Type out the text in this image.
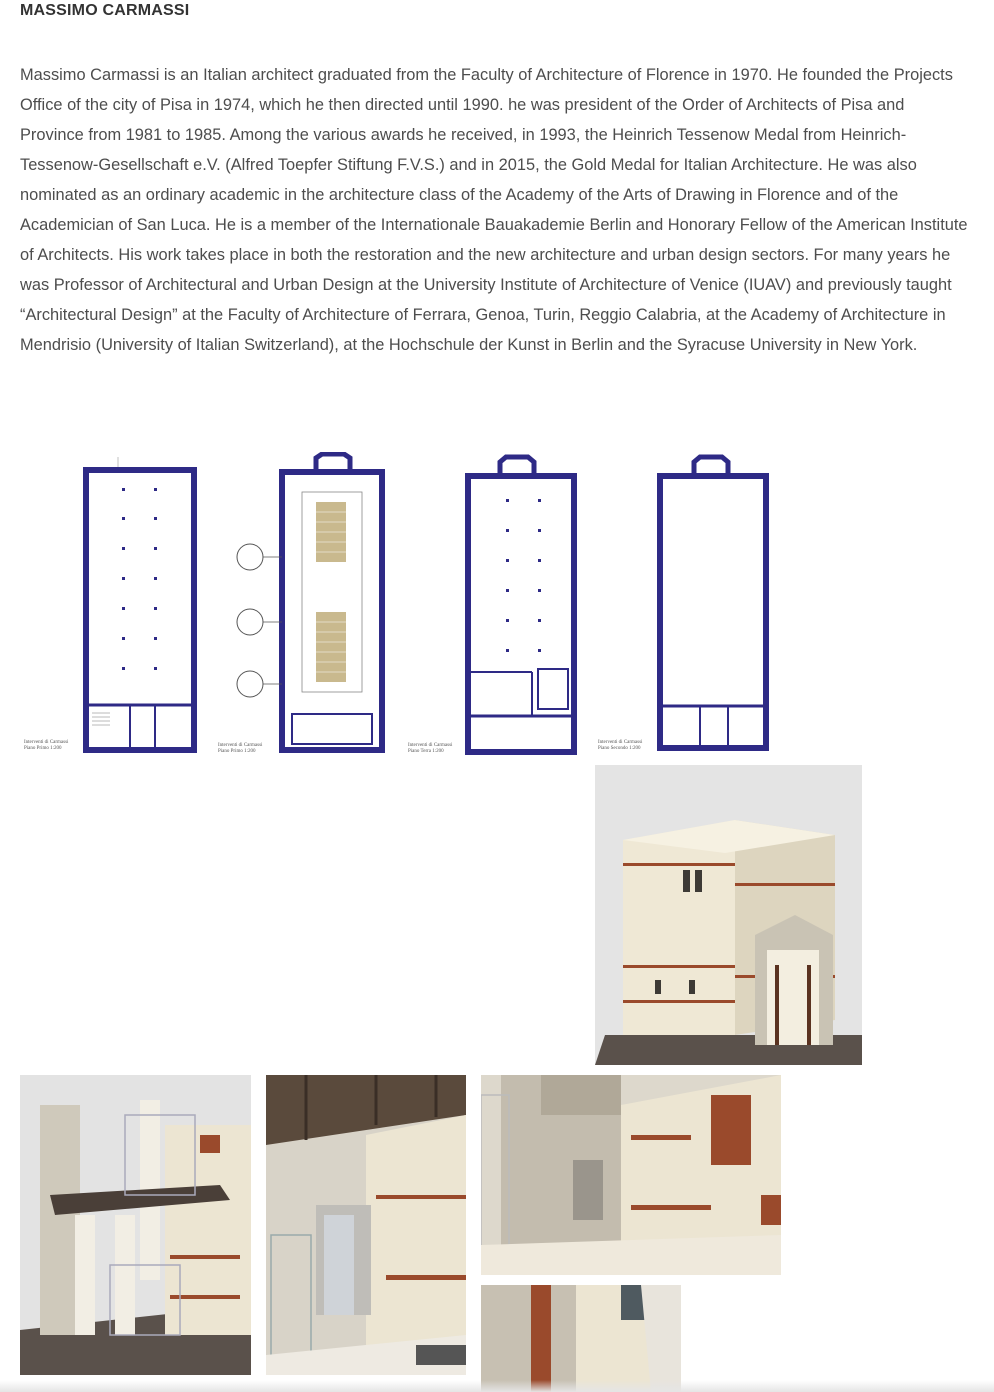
MASSIMO CARMASSI

Massimo Carmassi is an Italian architect graduated from the Faculty of Architecture of Florence in 1970. He founded the Projects Office of the city of Pisa in 1974, which he then directed until 1990. he was president of the Order of Architects of Pisa and Province from 1981 to 1985. Among the various awards he received, in 1993, the Heinrich Tessenow Medal from Heinrich-Tessenow-Gesellschaft e.V. (Alfred Toepfer Stiftung F.V.S.) and in 2015, the Gold Medal for Italian Architecture. He was also nominated as an ordinary academic in the architecture class of the Academy of the Arts of Drawing in Florence and of the Academician of San Luca. He is a member of the Internationale Bauakademie Berlin and Honorary Fellow of the American Institute of Architects. His work takes place in both the restoration and the new architecture and urban design sectors. For many years he was Professor of Architectural and Urban Design at the University Institute of Architecture of Venice (IUAV) and previously taught “Architectural Design” at the Faculty of Architecture of Ferrara, Genoa, Turin, Reggio Calabria, at the Academy of Architecture in Mendrisio (University of Italian Switzerland), at the Hochschule der Kunst in Berlin and the Syracuse University in New York.

Interventi di Carmassi
Piano Primo 1:200
Interventi di Carmassi
Piano Primo 1:200
Interventi di Carmassi
Piano Terra 1:200
Interventi di Carmassi
Piano Secondo 1:200
